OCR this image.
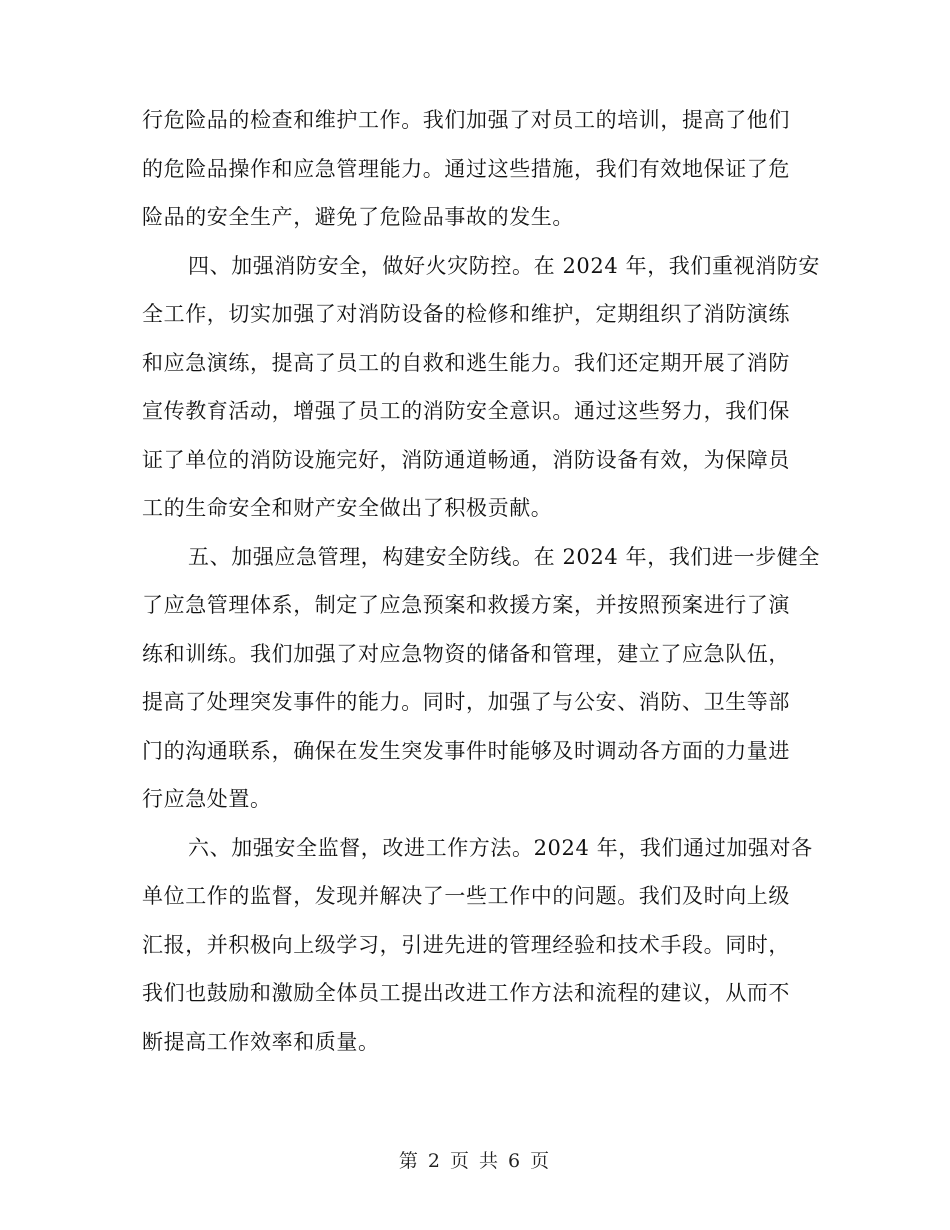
行危险品的检查和维护工作。我们加强了对员工的培训，提高了他们
的危险品操作和应急管理能力。通过这些措施，我们有效地保证了危
险品的安全生产，避免了危险品事故的发生。

四、加强消防安全，做好火灾防控。在 2024 年，我们重视消防安
全工作，切实加强了对消防设备的检修和维护，定期组织了消防演练
和应急演练，提高了员工的自救和逃生能力。我们还定期开展了消防
宣传教育活动，增强了员工的消防安全意识。通过这些努力，我们保
证了单位的消防设施完好，消防通道畅通，消防设备有效，为保障员
工的生命安全和财产安全做出了积极贡献。

五、加强应急管理，构建安全防线。在 2024 年，我们进一步健全
了应急管理体系，制定了应急预案和救援方案，并按照预案进行了演
练和训练。我们加强了对应急物资的储备和管理，建立了应急队伍，
提高了处理突发事件的能力。同时，加强了与公安、消防、卫生等部
门的沟通联系，确保在发生突发事件时能够及时调动各方面的力量进
行应急处置。

六、加强安全监督，改进工作方法。2024 年，我们通过加强对各
单位工作的监督，发现并解决了一些工作中的问题。我们及时向上级
汇报，并积极向上级学习，引进先进的管理经验和技术手段。同时，
我们也鼓励和激励全体员工提出改进工作方法和流程的建议，从而不
断提高工作效率和质量。

第 2 页 共 6 页
